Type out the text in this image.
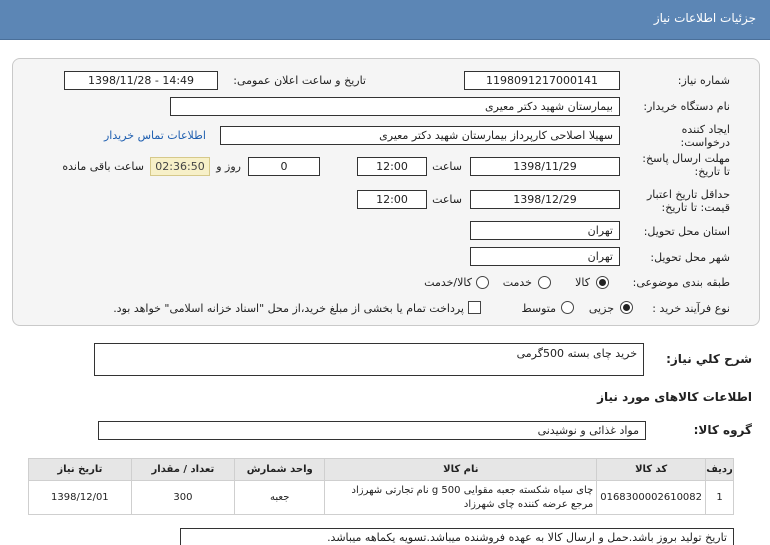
جزئیات اطلاعات نیاز
شماره نیاز:
1198091217000141
تاریخ و ساعت اعلان عمومی:
1398/11/28 - 14:49
نام دستگاه خریدار:
بیمارستان شهید دکتر معیری
ایجاد کننده
درخواست:
سهیلا اصلاحی کارپرداز بیمارستان شهید دکتر معیری
اطلاعات تماس خریدار
مهلت ارسال پاسخ:
تا تاریخ:
1398/11/29
ساعت
12:00
0
روز و
02:36:50
ساعت باقی مانده
حداقل تاریخ اعتبار
قیمت: تا تاریخ:
1398/12/29
ساعت
12:00
استان محل تحویل:
تهران
شهر محل تحویل:
تهران
طبقه بندی موضوعی:
کالا
خدمت
کالا/خدمت
نوع فرآیند خرید :
جزیی
متوسط
پرداخت تمام یا بخشی از مبلغ خرید،از محل "اسناد خزانه اسلامی" خواهد بود.
شرح كلي نياز:
خرید چای بسته 500گرمی
اطلاعات کالاهای مورد نیاز
گروه کالا:
مواد غذائی و نوشیدنی
ردیف	کد کالا	نام کالا	واحد شمارش	تعداد / مقدار	تاریخ نیاز
1	0168300002610082	چای سیاه شکسته جعبه مقوایی 500 g نام تجارتی شهرزاد مرجع عرضه کننده چای شهرزاد	جعبه	300	1398/12/01
تاریخ تولید بروز باشد.حمل و ارسال کالا به عهده فروشنده میباشد.تسویه یکماهه میباشد.
